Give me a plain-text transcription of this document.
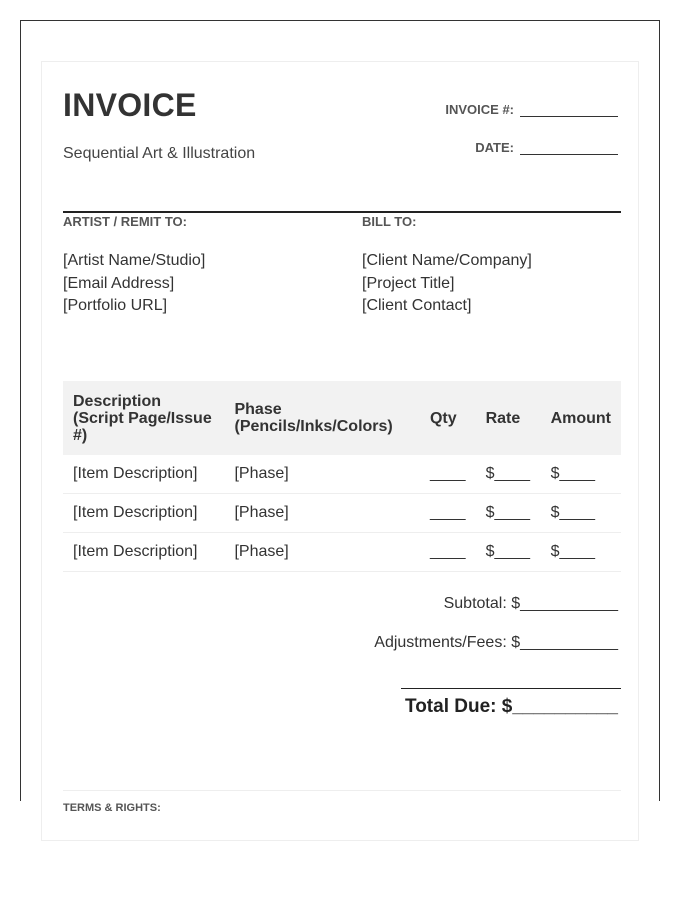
INVOICE
Sequential Art & Illustration
INVOICE #:
DATE:
ARTIST / REMIT TO:
[Artist Name/Studio]
[Email Address]
[Portfolio URL]
BILL TO:
[Client Name/Company]
[Project Title]
[Client Contact]
Description (Script Page/Issue #)	Phase (Pencils/Inks/Colors)	Qty	Rate	Amount
[Item Description]	[Phase]	____	$____	$____
[Item Description]	[Phase]	____	$____	$____
[Item Description]	[Phase]	____	$____	$____
Subtotal: $___________
Adjustments/Fees: $___________
Total Due: $__________
TERMS & RIGHTS:
